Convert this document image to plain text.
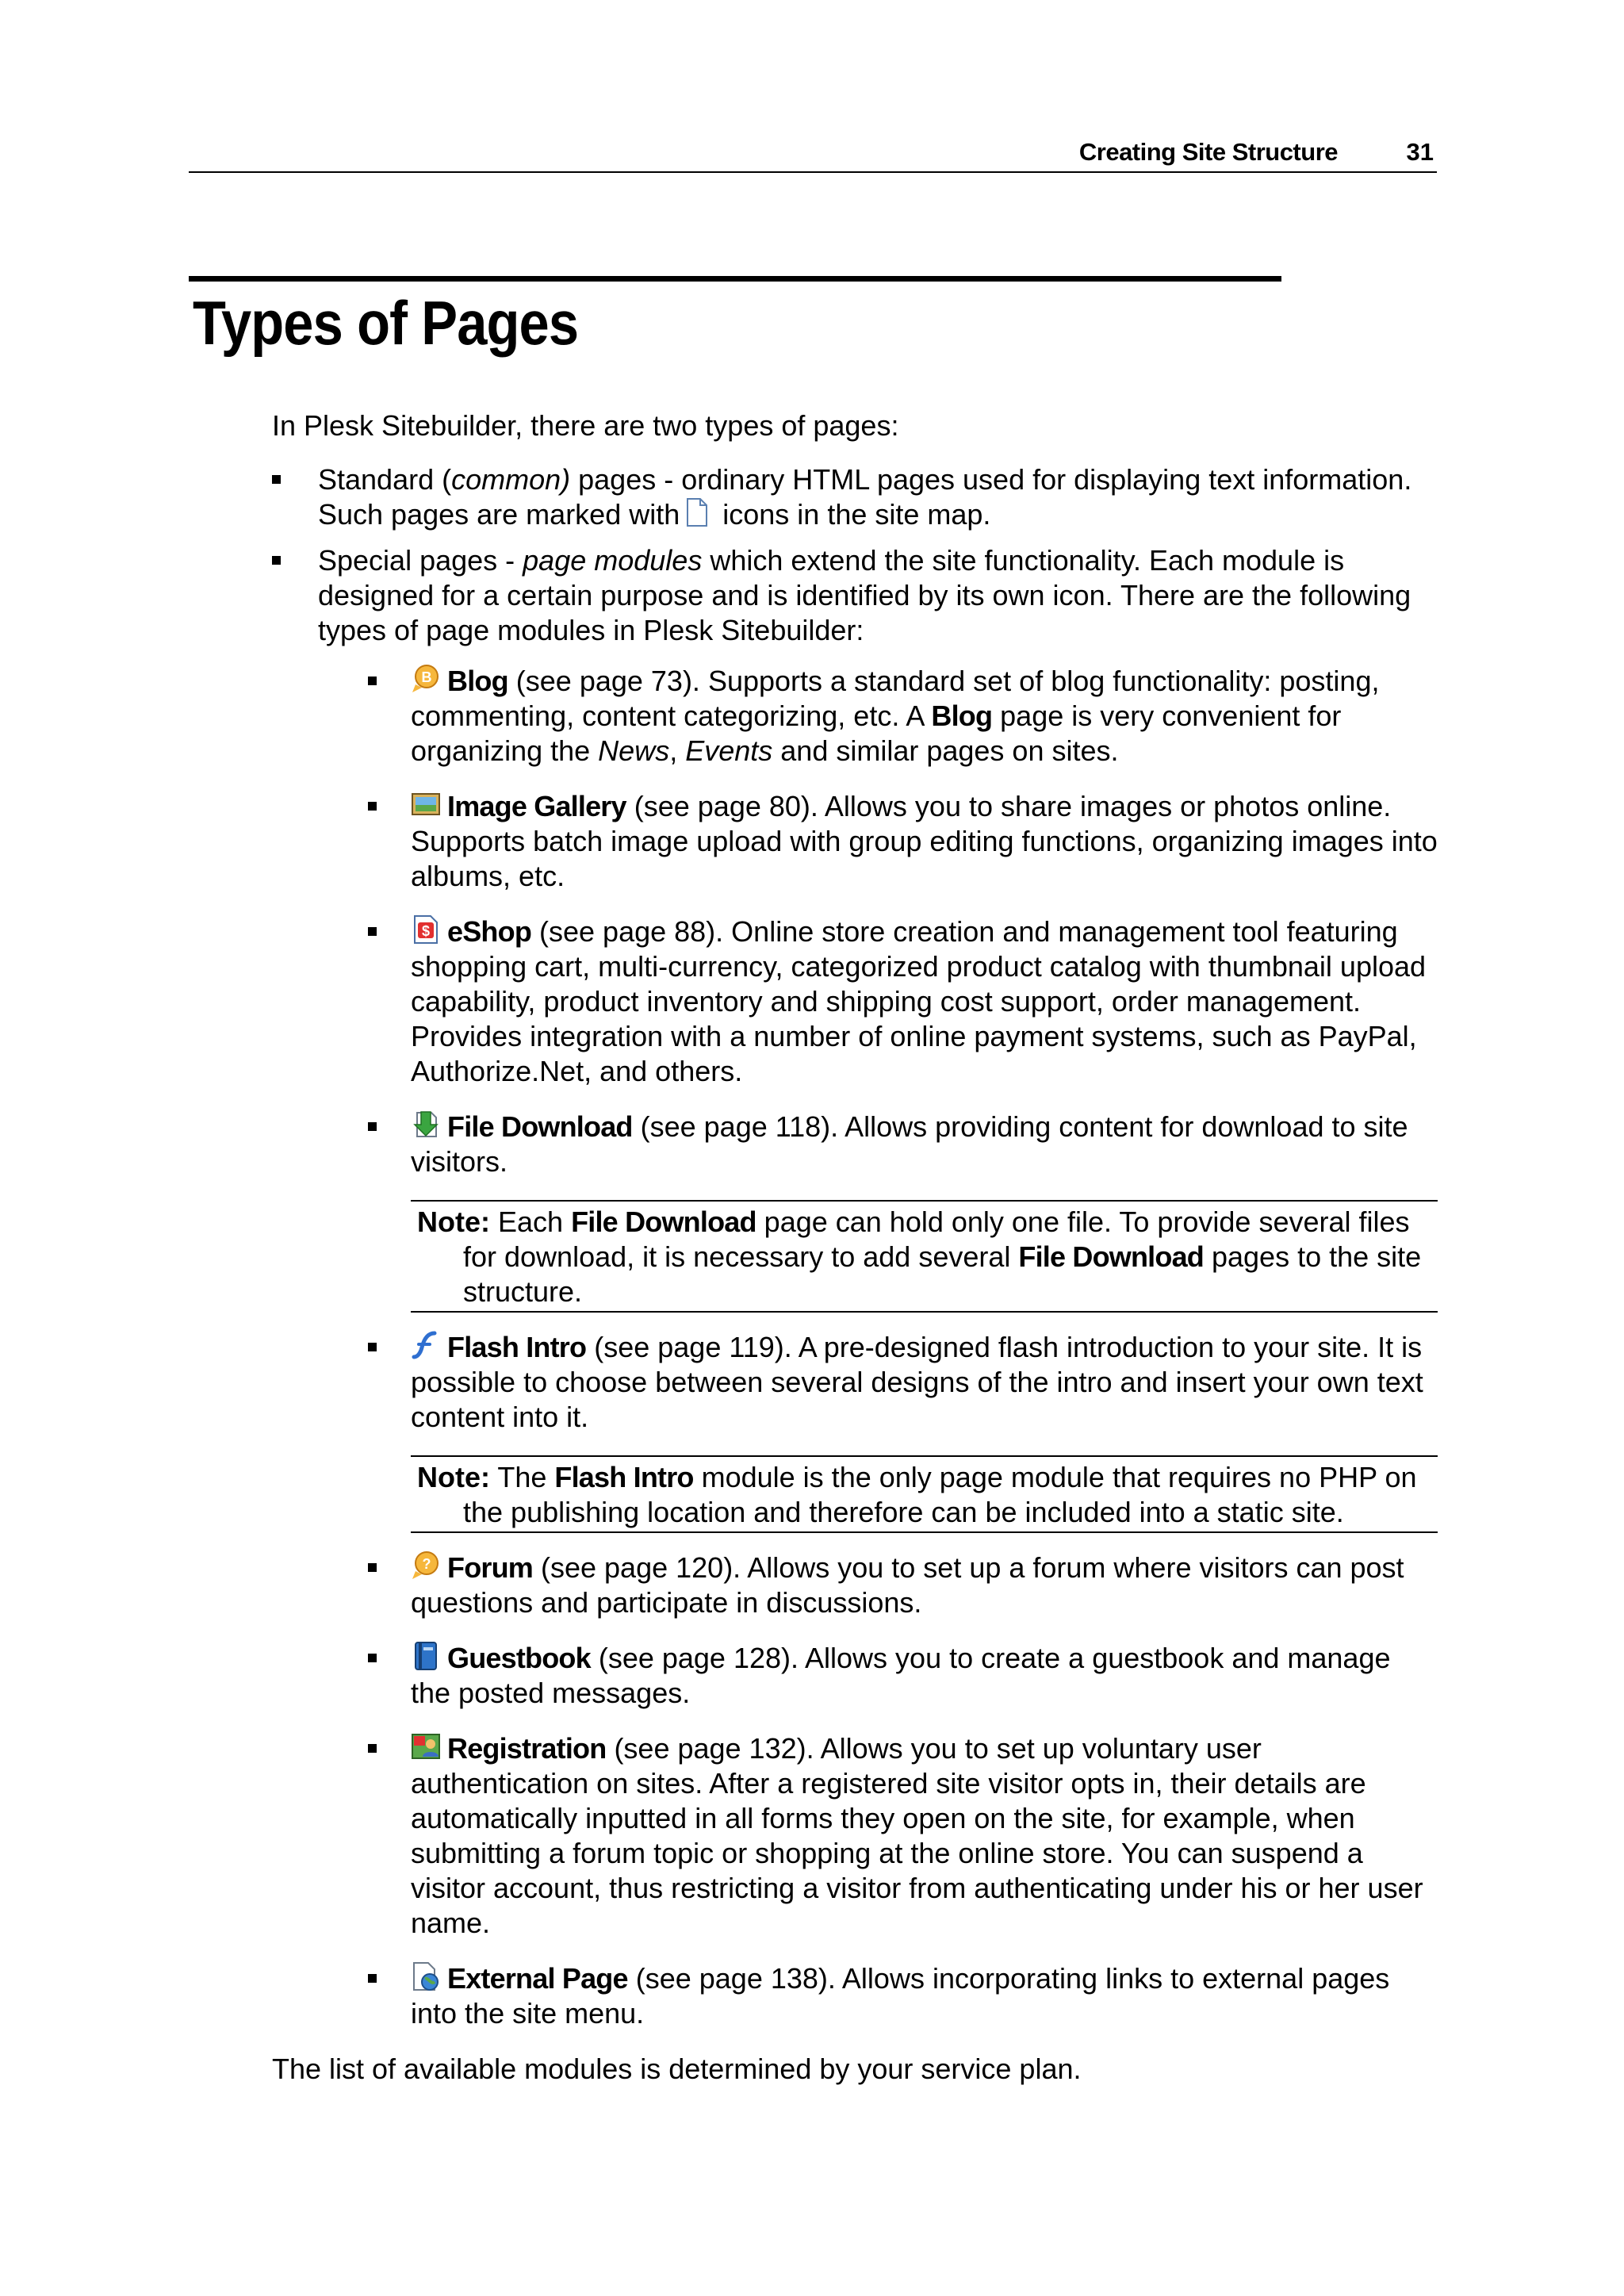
Creating Site Structure	31
Types of Pages

In Plesk Sitebuilder, there are two types of pages:

Standard (common) pages - ordinary HTML pages used for displaying text information. Such pages are marked with icons in the site map.
Special pages - page modules which extend the site functionality. Each module is designed for a certain purpose and is identified by its own icon. There are the following types of page modules in Plesk Sitebuilder:
B Blog (see page 73). Supports a standard set of blog functionality: posting, commenting, content categorizing, etc. A Blog page is very convenient for organizing the News, Events and similar pages on sites.
Image Gallery (see page 80). Allows you to share images or photos online. Supports batch image upload with group editing functions, organizing images into albums, etc.
$ eShop (see page 88). Online store creation and management tool featuring shopping cart, multi-currency, categorized product catalog with thumbnail upload capability, product inventory and shipping cost support, order management. Provides integration with a number of online payment systems, such as PayPal, Authorize.Net, and others.
File Download (see page 118). Allows providing content for download to site visitors.

Note: Each File Download page can hold only one file. To provide several files for download, it is necessary to add several File Download pages to the site structure.

Flash Intro (see page 119). A pre-designed flash introduction to your site. It is possible to choose between several designs of the intro and insert your own text content into it.

Note: The Flash Intro module is the only page module that requires no PHP on the publishing location and therefore can be included into a static site.

? Forum (see page 120). Allows you to set up a forum where visitors can post questions and participate in discussions.
Guestbook (see page 128). Allows you to create a guestbook and manage the posted messages.
Registration (see page 132). Allows you to set up voluntary user authentication on sites. After a registered site visitor opts in, their details are automatically inputted in all forms they open on the site, for example, when submitting a forum topic or shopping at the online store. You can suspend a visitor account, thus restricting a visitor from authenticating under his or her user name.
External Page (see page 138). Allows incorporating links to external pages into the site menu.

The list of available modules is determined by your service plan.
